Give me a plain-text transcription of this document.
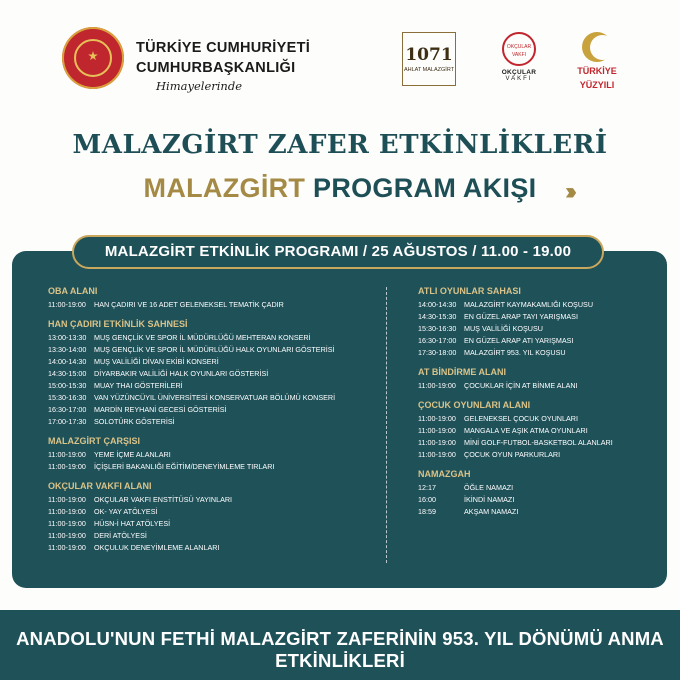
TÜRKİYE CUMHURİYETİ
CUMHURBAŞKANLIĞI
Himayelerinde
1071
AHLAT MALAZGİRT
OKÇULAR VAKFI
OKÇULAR
VAKFI
TÜRKİYE
YÜZYILI
MALAZGİRT ZAFER ETKİNLİKLERİ
MALAZGİRT PROGRAM AKIŞI	›››
MALAZGİRT ETKİNLİK PROGRAMI / 25 AĞUSTOS / 11.00 - 19.00
OBA ALANI
11:00-19:00 HAN ÇADIRI VE 16 ADET GELENEKSEL TEMATİK ÇADIR
HAN ÇADIRI ETKİNLİK SAHNESİ
13:00-13:30 MUŞ GENÇLİK VE SPOR İL MÜDÜRLÜĞÜ MEHTERAN KONSERİ
13:30-14:00 MUŞ GENÇLİK VE SPOR İL MÜDÜRLÜĞÜ HALK OYUNLARI GÖSTERİSİ
14:00-14:30 MUŞ VALİLİĞİ DİVAN EKİBİ KONSERİ
14:30-15:00 DİYARBAKIR VALİLİĞİ HALK OYUNLARI GÖSTERİSİ
15:00-15:30 MUAY THAI GÖSTERİLERİ
15:30-16:30 VAN YÜZÜNCÜYIL ÜNİVERSİTESİ KONSERVATUAR BÖLÜMÜ KONSERİ
16:30-17:00 MARDİN REYHANİ GECESİ GÖSTERİSİ
17:00-17:30 SOLOTÜRK GÖSTERİSİ
MALAZGİRT ÇARŞISI
11:00-19:00 YEME İÇME ALANLARI
11:00-19:00 İÇİŞLERİ BAKANLIĞI EĞİTİM/DENEYİMLEME TIRLARI
OKÇULAR VAKFI ALANI
11:00-19:00 OKÇULAR VAKFI ENSTİTÜSÜ YAYINLARI
11:00-19:00 OK- YAY ATÖLYESİ
11:00-19:00 HÜSN-İ HAT ATÖLYESİ
11:00-19:00 DERİ ATÖLYESİ
11:00-19:00 OKÇULUK DENEYİMLEME ALANLARI
ATLI OYUNLAR SAHASI
14:00-14:30 MALAZGİRT KAYMAKAMLIĞI KOŞUSU
14:30-15:30 EN GÜZEL ARAP TAYI YARIŞMASI
15:30-16:30 MUŞ VALİLİĞİ KOŞUSU
16:30-17:00 EN GÜZEL ARAP ATI YARIŞMASI
17:30-18:00 MALAZGİRT 953. YIL KOŞUSU
AT BİNDİRME ALANI
11:00-19:00 ÇOCUKLAR İÇİN AT BİNME ALANI
ÇOCUK OYUNLARI ALANI
11:00-19:00 GELENEKSEL ÇOCUK OYUNLARI
11:00-19:00 MANGALA VE AŞIK ATMA OYUNLARI
11:00-19:00 MİNİ GOLF-FUTBOL-BASKETBOL ALANLARI
11:00-19:00 ÇOCUK OYUN PARKURLARI
NAMAZGAH
12:17	ÖĞLE NAMAZI
16:00	İKİNDİ NAMAZI
18:59	AKŞAM NAMAZI
ANADOLU'NUN FETHİ MALAZGİRT ZAFERİNİN 953. YIL DÖNÜMÜ ANMA ETKİNLİKLERİ
